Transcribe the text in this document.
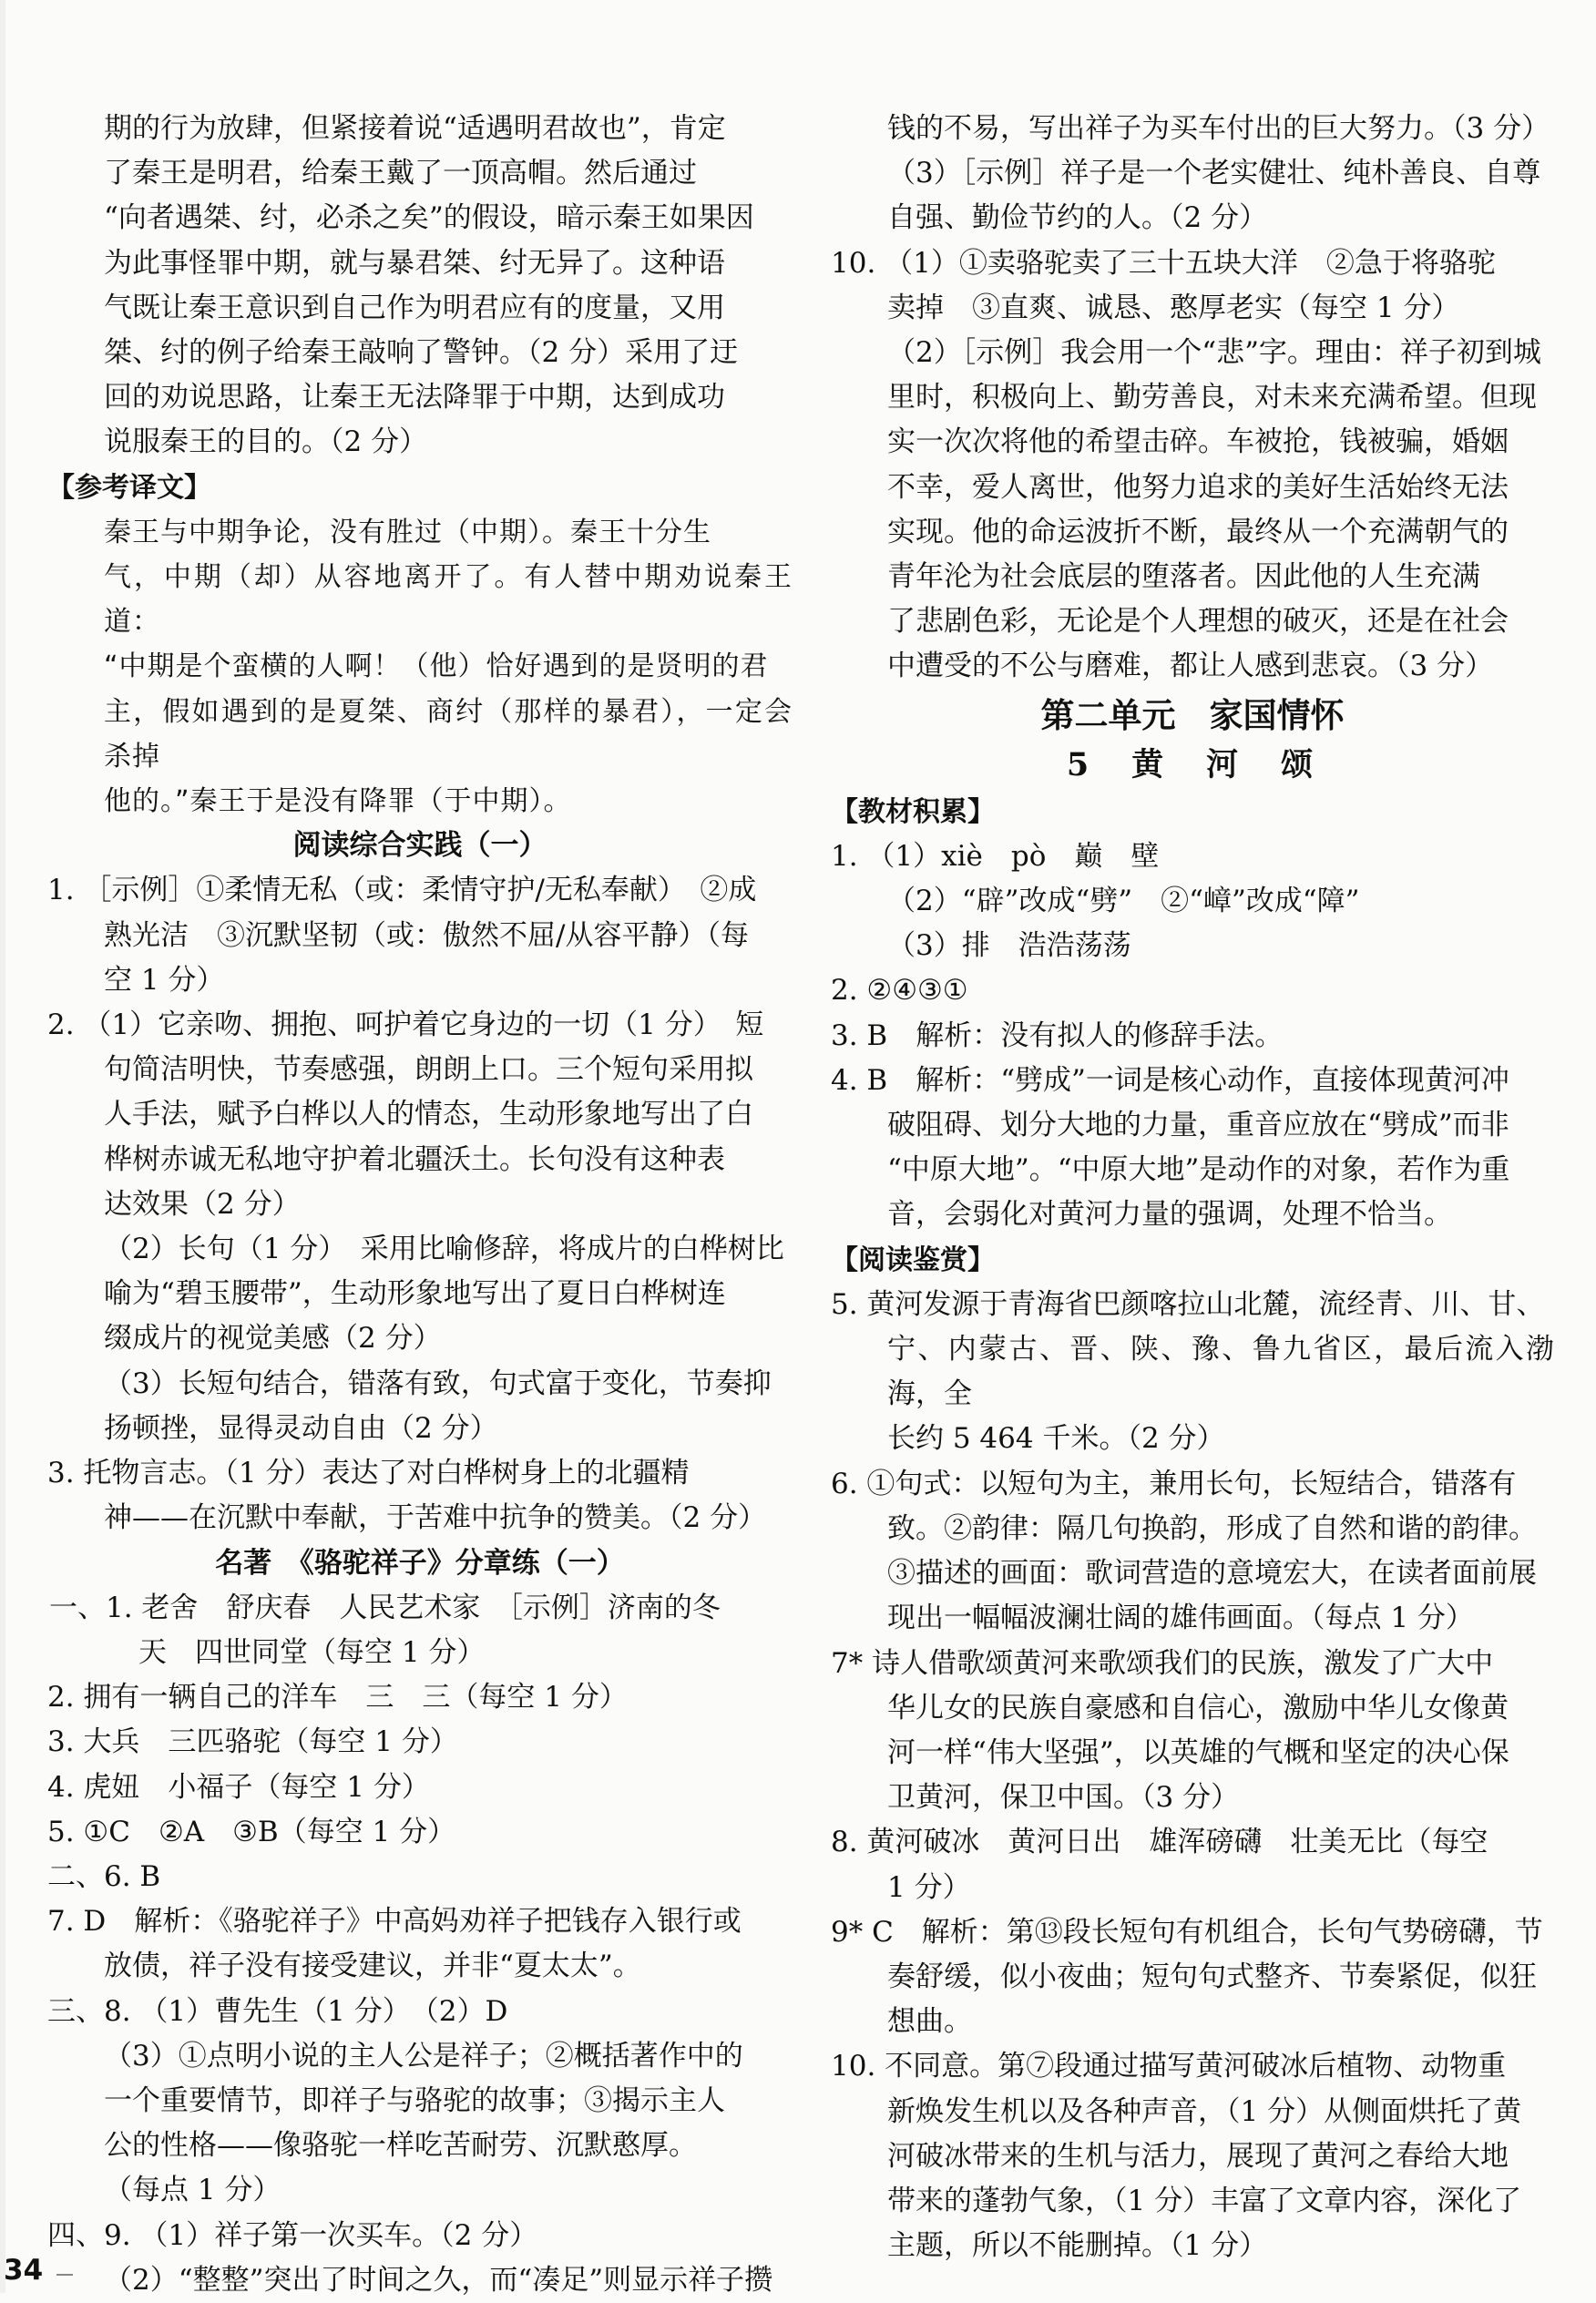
期的行为放肆，但紧接着说“适遇明君故也”，肯定

了秦王是明君，给秦王戴了一顶高帽。然后通过

“向者遇桀、纣，必杀之矣”的假设，暗示秦王如果因

为此事怪罪中期，就与暴君桀、纣无异了。这种语

气既让秦王意识到自己作为明君应有的度量，又用

桀、纣的例子给秦王敲响了警钟。（2 分）采用了迂

回的劝说思路，让秦王无法降罪于中期，达到成功

说服秦王的目的。（2 分）

【参考译文】

秦王与中期争论，没有胜过（中期）。秦王十分生

气，中期（却）从容地离开了。有人替中期劝说秦王道：

“中期是个蛮横的人啊！（他）恰好遇到的是贤明的君

主，假如遇到的是夏桀、商纣（那样的暴君），一定会杀掉

他的。”秦王于是没有降罪（于中期）。

阅读综合实践（一）

1. ［示例］①柔情无私（或：柔情守护/无私奉献）　②成

熟光洁　③沉默坚韧（或：傲然不屈/从容平静）（每

空 1 分）

2. （1）它亲吻、拥抱、呵护着它身边的一切（1 分）　短

句简洁明快，节奏感强，朗朗上口。三个短句采用拟

人手法，赋予白桦以人的情态，生动形象地写出了白

桦树赤诚无私地守护着北疆沃土。长句没有这种表

达效果（2 分）

（2）长句（1 分）　采用比喻修辞，将成片的白桦树比

喻为“碧玉腰带”，生动形象地写出了夏日白桦树连

缀成片的视觉美感（2 分）

（3）长短句结合，错落有致，句式富于变化，节奏抑

扬顿挫，显得灵动自由（2 分）

3. 托物言志。（1 分）表达了对白桦树身上的北疆精

神——在沉默中奉献，于苦难中抗争的赞美。（2 分）

名著　《骆驼祥子》分章练（一）

一、1. 老舍　舒庆春　人民艺术家　［示例］济南的冬

天　四世同堂（每空 1 分）

2. 拥有一辆自己的洋车　三　三（每空 1 分）

3. 大兵　三匹骆驼（每空 1 分）

4. 虎妞　小福子（每空 1 分）

5. ①C　②A　③B（每空 1 分）

二、6. B

7. D　解析：《骆驼祥子》中高妈劝祥子把钱存入银行或

放债，祥子没有接受建议，并非“夏太太”。

三、8. （1）曹先生（1 分）　（2）D

（3）①点明小说的主人公是祥子；②概括著作中的

一个重要情节，即祥子与骆驼的故事；③揭示主人

公的性格——像骆驼一样吃苦耐劳、沉默憨厚。

（每点 1 分）

四、9. （1）祥子第一次买车。（2 分）

（2）“整整”突出了时间之久，而“凑足”则显示祥子攒

钱的不易，写出祥子为买车付出的巨大努力。（3 分）

（3）［示例］祥子是一个老实健壮、纯朴善良、自尊

自强、勤俭节约的人。（2 分）

10. （1）①卖骆驼卖了三十五块大洋　②急于将骆驼

卖掉　③直爽、诚恳、憨厚老实（每空 1 分）

（2）［示例］我会用一个“悲”字。理由：祥子初到城

里时，积极向上、勤劳善良，对未来充满希望。但现

实一次次将他的希望击碎。车被抢，钱被骗，婚姻

不幸，爱人离世，他努力追求的美好生活始终无法

实现。他的命运波折不断，最终从一个充满朝气的

青年沦为社会底层的堕落者。因此他的人生充满

了悲剧色彩，无论是个人理想的破灭，还是在社会

中遭受的不公与磨难，都让人感到悲哀。（3 分）

第二单元　家国情怀

5　黄　河　颂

【教材积累】

1. （1）xiè　pò　巅　壁

（2）“辟”改成“劈”　②“嶂”改成“障”

（3）排　浩浩荡荡

2. ②④③①

3. B　解析：没有拟人的修辞手法。

4. B　解析：“劈成”一词是核心动作，直接体现黄河冲

破阻碍、划分大地的力量，重音应放在“劈成”而非

“中原大地”。“中原大地”是动作的对象，若作为重

音，会弱化对黄河力量的强调，处理不恰当。

【阅读鉴赏】

5. 黄河发源于青海省巴颜喀拉山北麓，流经青、川、甘、

宁、内蒙古、晋、陕、豫、鲁九省区，最后流入渤海，全

长约 5 464 千米。（2 分）

6. ①句式：以短句为主，兼用长句，长短结合，错落有

致。②韵律：隔几句换韵，形成了自然和谐的韵律。

③描述的画面：歌词营造的意境宏大，在读者面前展

现出一幅幅波澜壮阔的雄伟画面。（每点 1 分）

7* 诗人借歌颂黄河来歌颂我们的民族，激发了广大中

华儿女的民族自豪感和自信心，激励中华儿女像黄

河一样“伟大坚强”，以英雄的气概和坚定的决心保

卫黄河，保卫中国。（3 分）

8. 黄河破冰　黄河日出　雄浑磅礴　壮美无比（每空

1 分）

9* C　解析：第⑬段长短句有机组合，长句气势磅礴，节

奏舒缓，似小夜曲；短句句式整齐、节奏紧促，似狂

想曲。

10. 不同意。第⑦段通过描写黄河破冰后植物、动物重

新焕发生机以及各种声音，（1 分）从侧面烘托了黄

河破冰带来的生机与活力，展现了黄河之春给大地

带来的蓬勃气象，（1 分）丰富了文章内容，深化了

主题，所以不能删掉。（1 分）

34
